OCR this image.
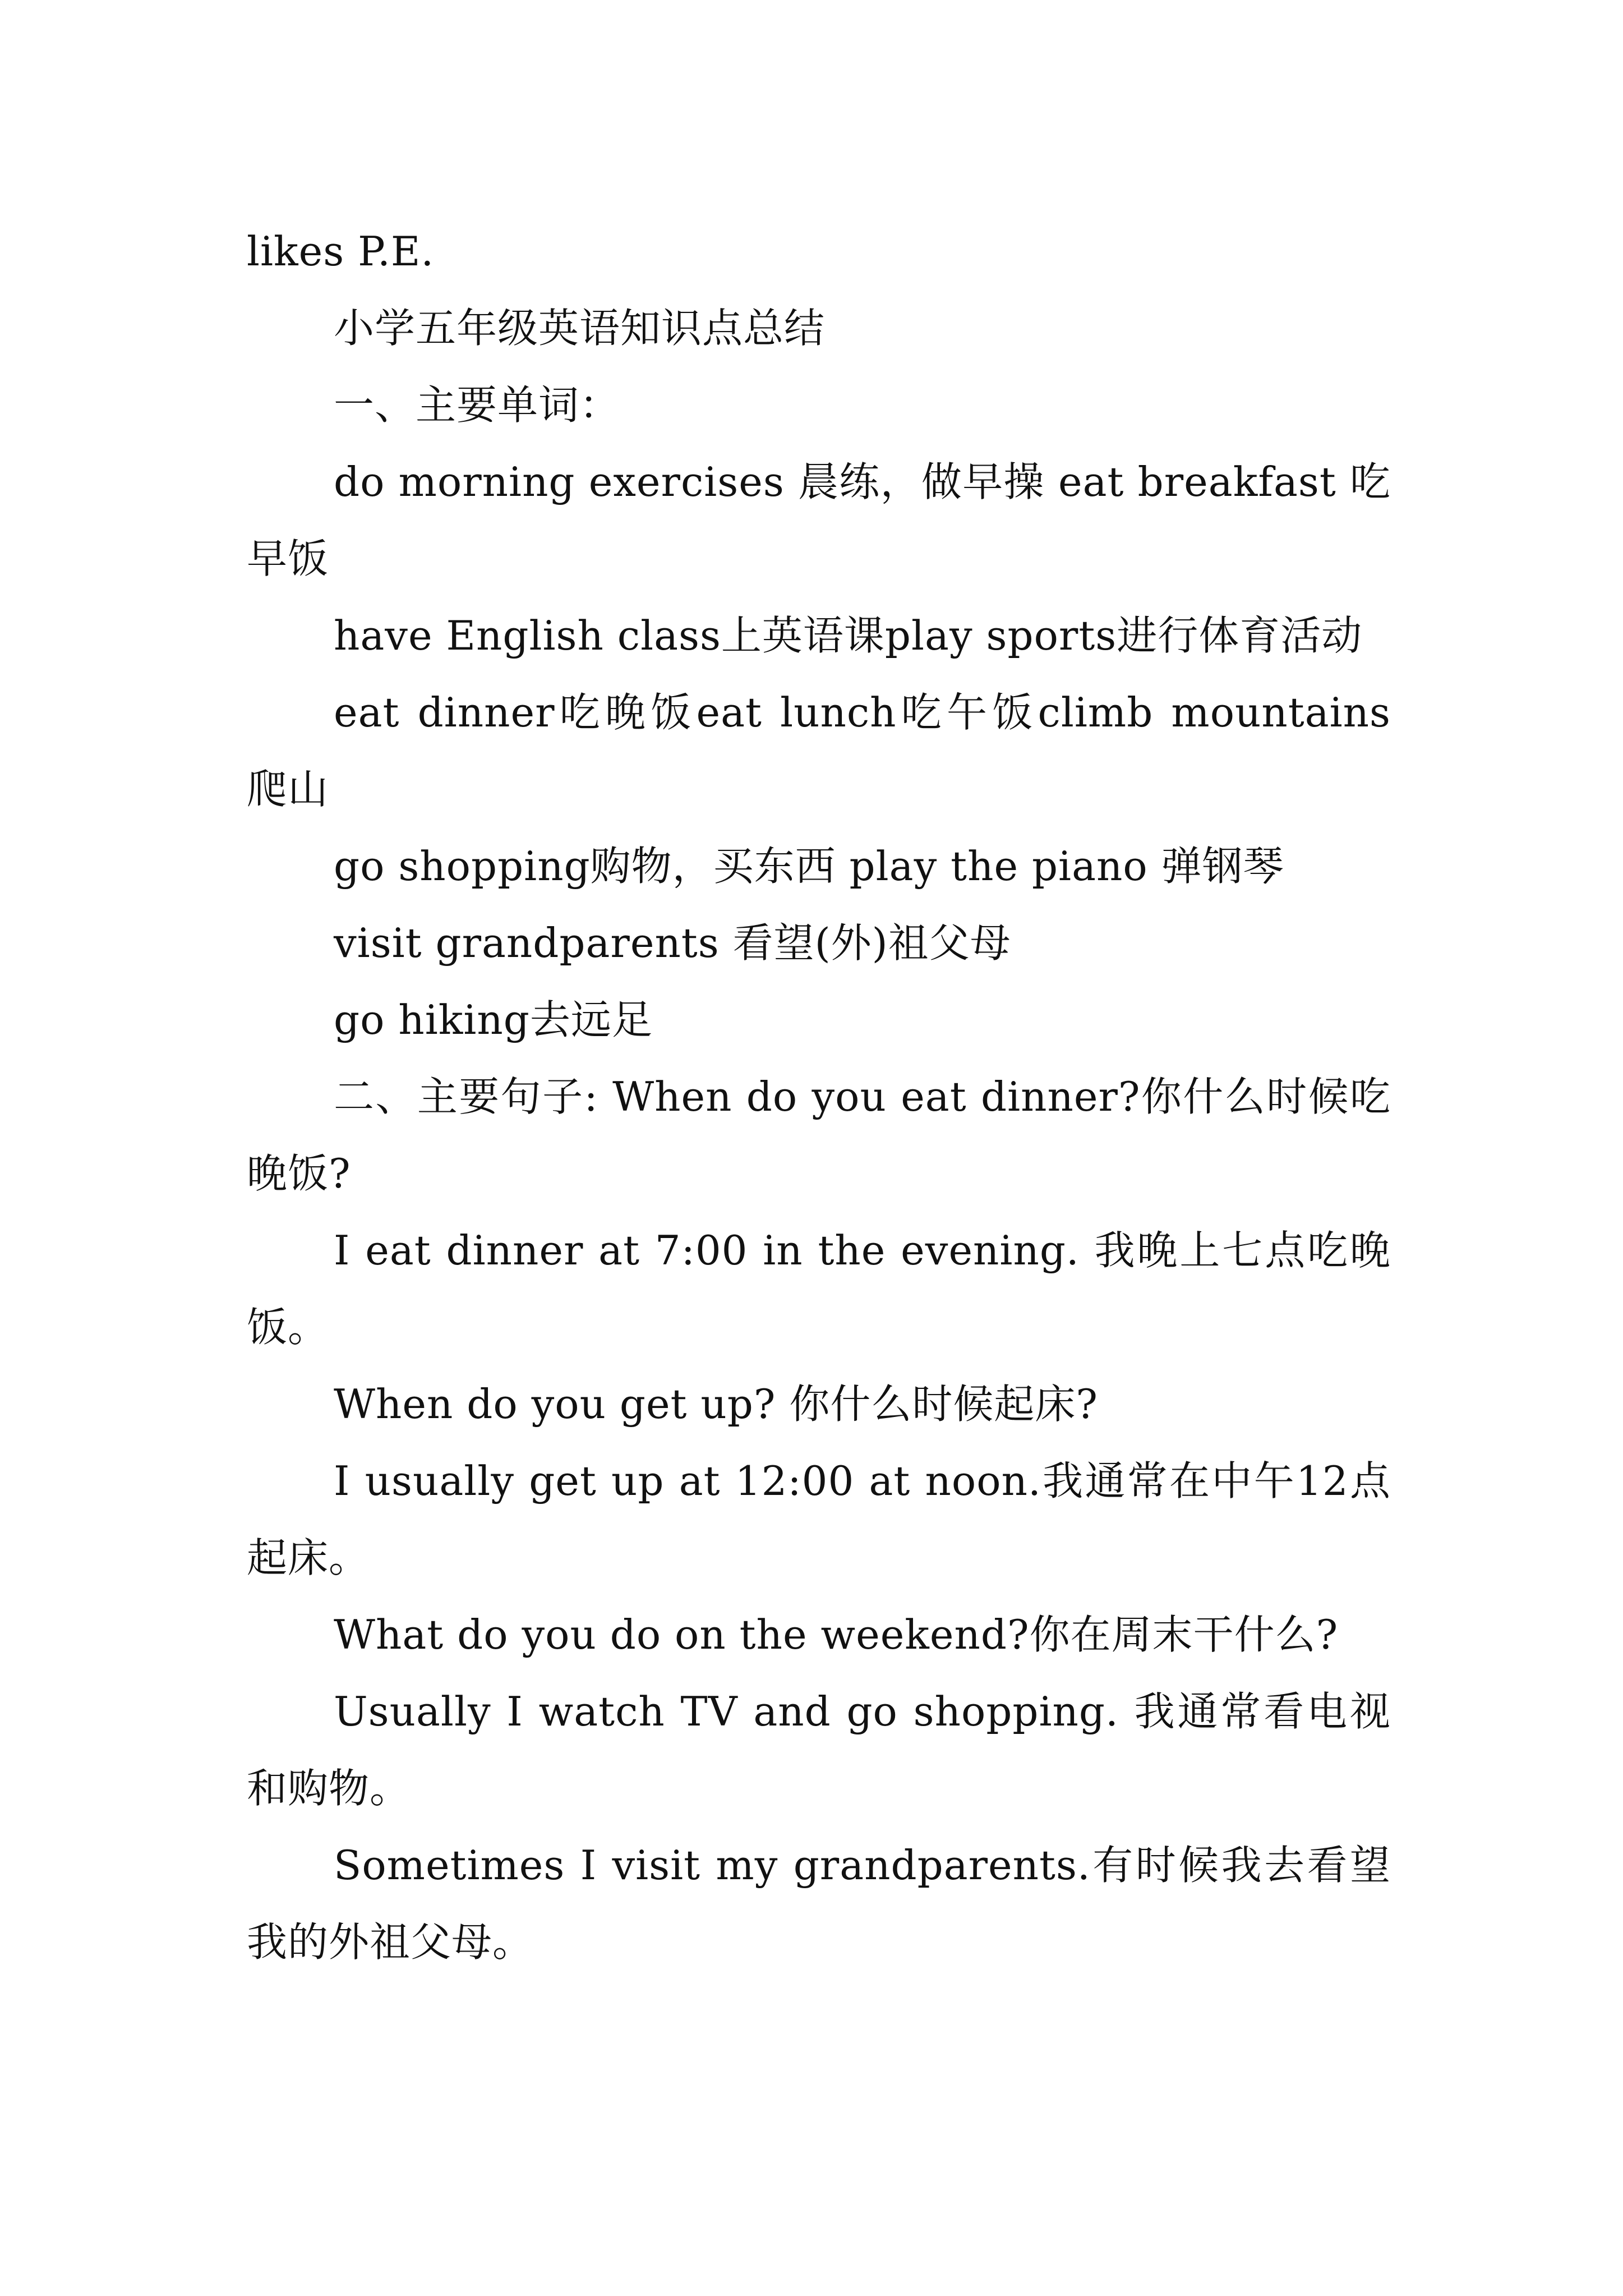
likes P.E.

小学五年级英语知识点总结

一、主要单词：

do morning exercises 晨练，做早操 eat breakfast 吃早饭

have English class上英语课play sports进行体育活动

eat dinner吃晚饭eat lunch吃午饭climb mountains 爬山

go shopping购物，买东西 play the piano 弹钢琴

visit grandparents 看望(外)祖父母

go hiking去远足

二、主要句子: When do you eat dinner?你什么时候吃晚饭?

I eat dinner at 7:00 in the evening. 我晚上七点吃晚饭。

When do you get up? 你什么时候起床?

I usually get up at 12:00 at noon.我通常在中午12点起床。

What do you do on the weekend?你在周末干什么?

Usually I watch TV and go shopping. 我通常看电视和购物。

Sometimes I visit my grandparents.有时候我去看望我的外祖父母。
